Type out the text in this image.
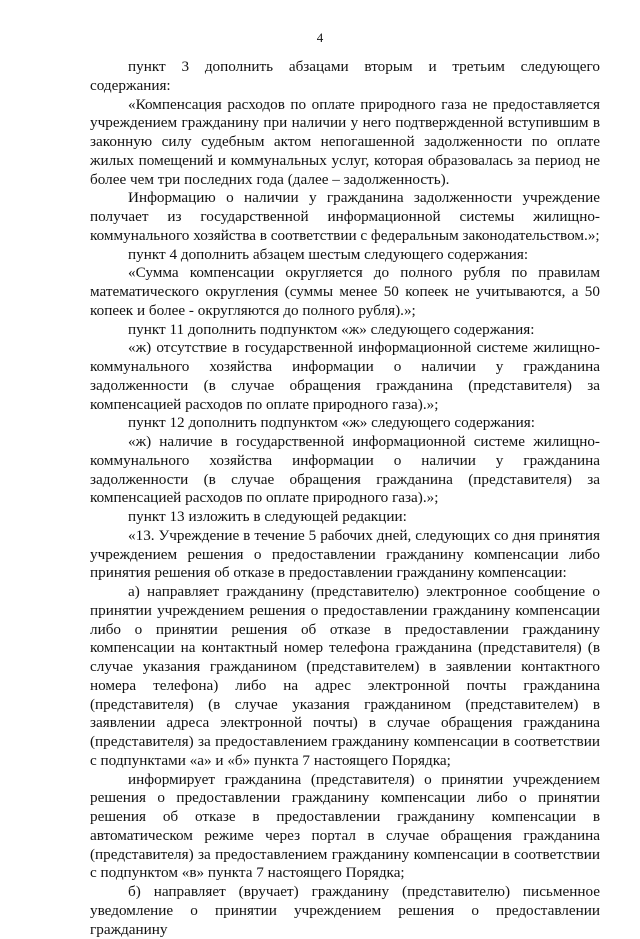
4

пункт 3 дополнить абзацами вторым и третьим следующего содержания:

«Компенсация расходов по оплате природного газа не предоставляется учреждением гражданину при наличии у него подтвержденной вступившим в законную силу судебным актом непогашенной задолженности по оплате жилых помещений и коммунальных услуг, которая образовалась за период не более чем три последних года (далее – задолженность).

Информацию о наличии у гражданина задолженности учреждение получает из государственной информационной системы жилищно-коммунального хозяйства в соответствии с федеральным законодательством.»;

пункт 4 дополнить абзацем шестым следующего содержания:

«Сумма компенсации округляется до полного рубля по правилам математического округления (суммы менее 50 копеек не учитываются, а 50 копеек и более - округляются до полного рубля).»;

пункт 11 дополнить подпунктом «ж» следующего содержания:

«ж) отсутствие в государственной информационной системе жилищно-коммунального хозяйства информации о наличии у гражданина задолженности (в случае обращения гражданина (представителя) за компенсацией расходов по оплате природного газа).»;

пункт 12 дополнить подпунктом «ж» следующего содержания:

«ж) наличие в государственной информационной системе жилищно-коммунального хозяйства информации о наличии у гражданина задолженности (в случае обращения гражданина (представителя) за компенсацией расходов по оплате природного газа).»;

пункт 13 изложить в следующей редакции:

«13. Учреждение в течение 5 рабочих дней, следующих со дня принятия учреждением решения о предоставлении гражданину компенсации либо принятия решения об отказе в предоставлении гражданину компенсации:

а) направляет гражданину (представителю) электронное сообщение о принятии учреждением решения о предоставлении гражданину компенсации либо о принятии решения об отказе в предоставлении гражданину компенсации на контактный номер телефона гражданина (представителя) (в случае указания гражданином (представителем) в заявлении контактного номера телефона) либо на адрес электронной почты гражданина (представителя) (в случае указания гражданином (представителем) в заявлении адреса электронной почты) в случае обращения гражданина (представителя) за предоставлением гражданину компенсации в соответствии с подпунктами «а» и «б» пункта 7 настоящего Порядка;

информирует гражданина (представителя) о принятии учреждением решения о предоставлении гражданину компенсации либо о принятии решения об отказе в предоставлении гражданину компенсации в автоматическом режиме через портал в случае обращения гражданина (представителя) за предоставлением гражданину компенсации в соответствии с подпунктом «в» пункта 7 настоящего Порядка;

б) направляет (вручает) гражданину (представителю) письменное уведомление о принятии учреждением решения о предоставлении гражданину
